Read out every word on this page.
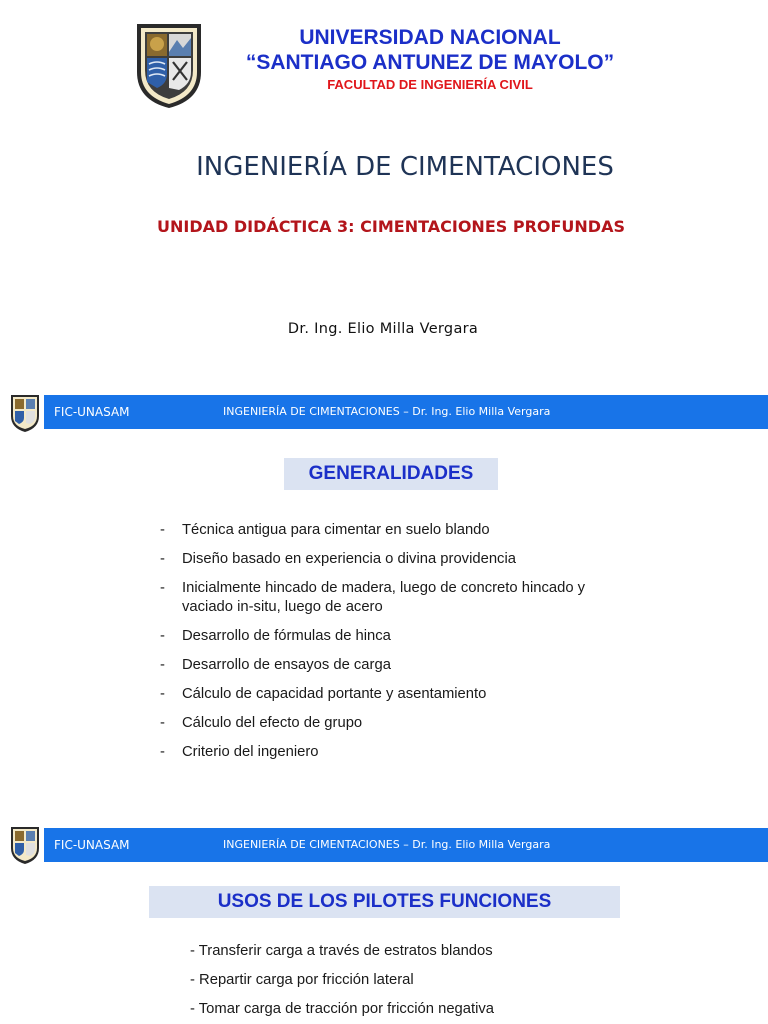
UNIVERSIDAD NACIONAL
“SANTIAGO ANTUNEZ DE MAYOLO”
FACULTAD DE INGENIERÍA CIVIL
INGENIERÍA DE CIMENTACIONES
UNIDAD DIDÁCTICA 3: CIMENTACIONES PROFUNDAS
Dr. Ing. Elio Milla Vergara
FIC-UNASAM	INGENIERÍA DE CIMENTACIONES – Dr. Ing. Elio Milla Vergara
GENERALIDADES
- Técnica antigua para cimentar en suelo blando
- Diseño basado en experiencia o divina providencia
- Inicialmente hincado de madera, luego de concreto hincado y vaciado in-situ, luego de acero
- Desarrollo de fórmulas de hinca
- Desarrollo de ensayos de carga
- Cálculo de capacidad portante y asentamiento
- Cálculo del efecto de grupo
- Criterio del ingeniero
FIC-UNASAM	INGENIERÍA DE CIMENTACIONES – Dr. Ing. Elio Milla Vergara
USOS DE LOS PILOTES FUNCIONES
- Transferir carga a través de estratos blandos
- Repartir carga por fricción lateral
- Tomar carga de tracción por fricción negativa
